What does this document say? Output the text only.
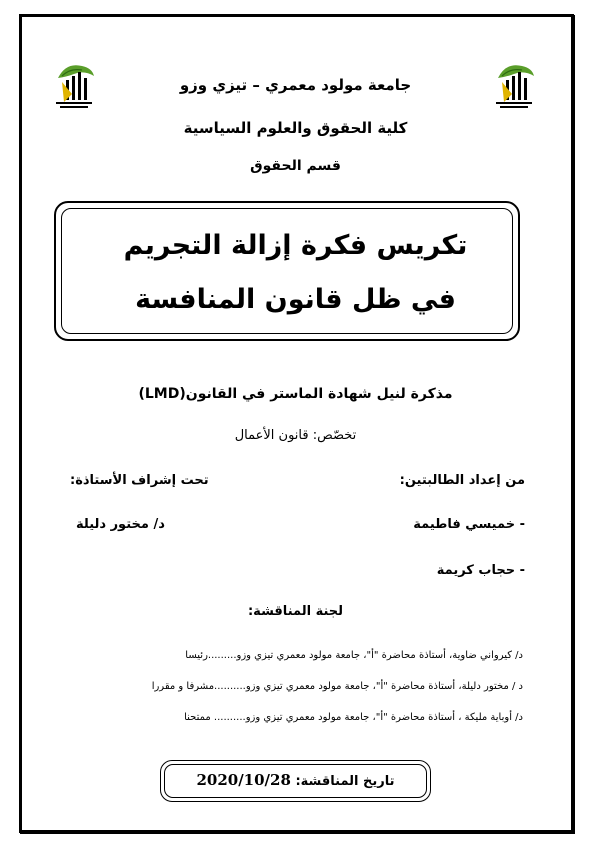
جامعة مولود معمري – تيزي وزو
كلية الحقوق والعلوم السياسية
قسم الحقوق
تكريس فكرة إزالة التجريم
في ظل قانون المنافسة
مذكرة لنيل شهادة الماستر في القانون(LMD)
تخصّص: قانون الأعمال
من إعداد الطالبتين:
تحت إشراف الأستاذة:
- خميسي فاطيمة
- حجاب كريمة
د/ مختور دليلة
لجنة المناقشة:
د/ كيرواني ضاوية، أستاذة محاضرة "أ"، جامعة مولود معمري تيزي وزو.........رئيسا
د / مختور دليلة، أستاذة محاضرة "أ"، جامعة مولود معمري تيزي وزو..........مشرفا و مقررا
د/ أوباية مليكة ، أستاذة محاضرة "أ"، جامعة مولود معمري تيزي وزو.......... ممتحنا
تاريخ المناقشة: 2020/10/28
